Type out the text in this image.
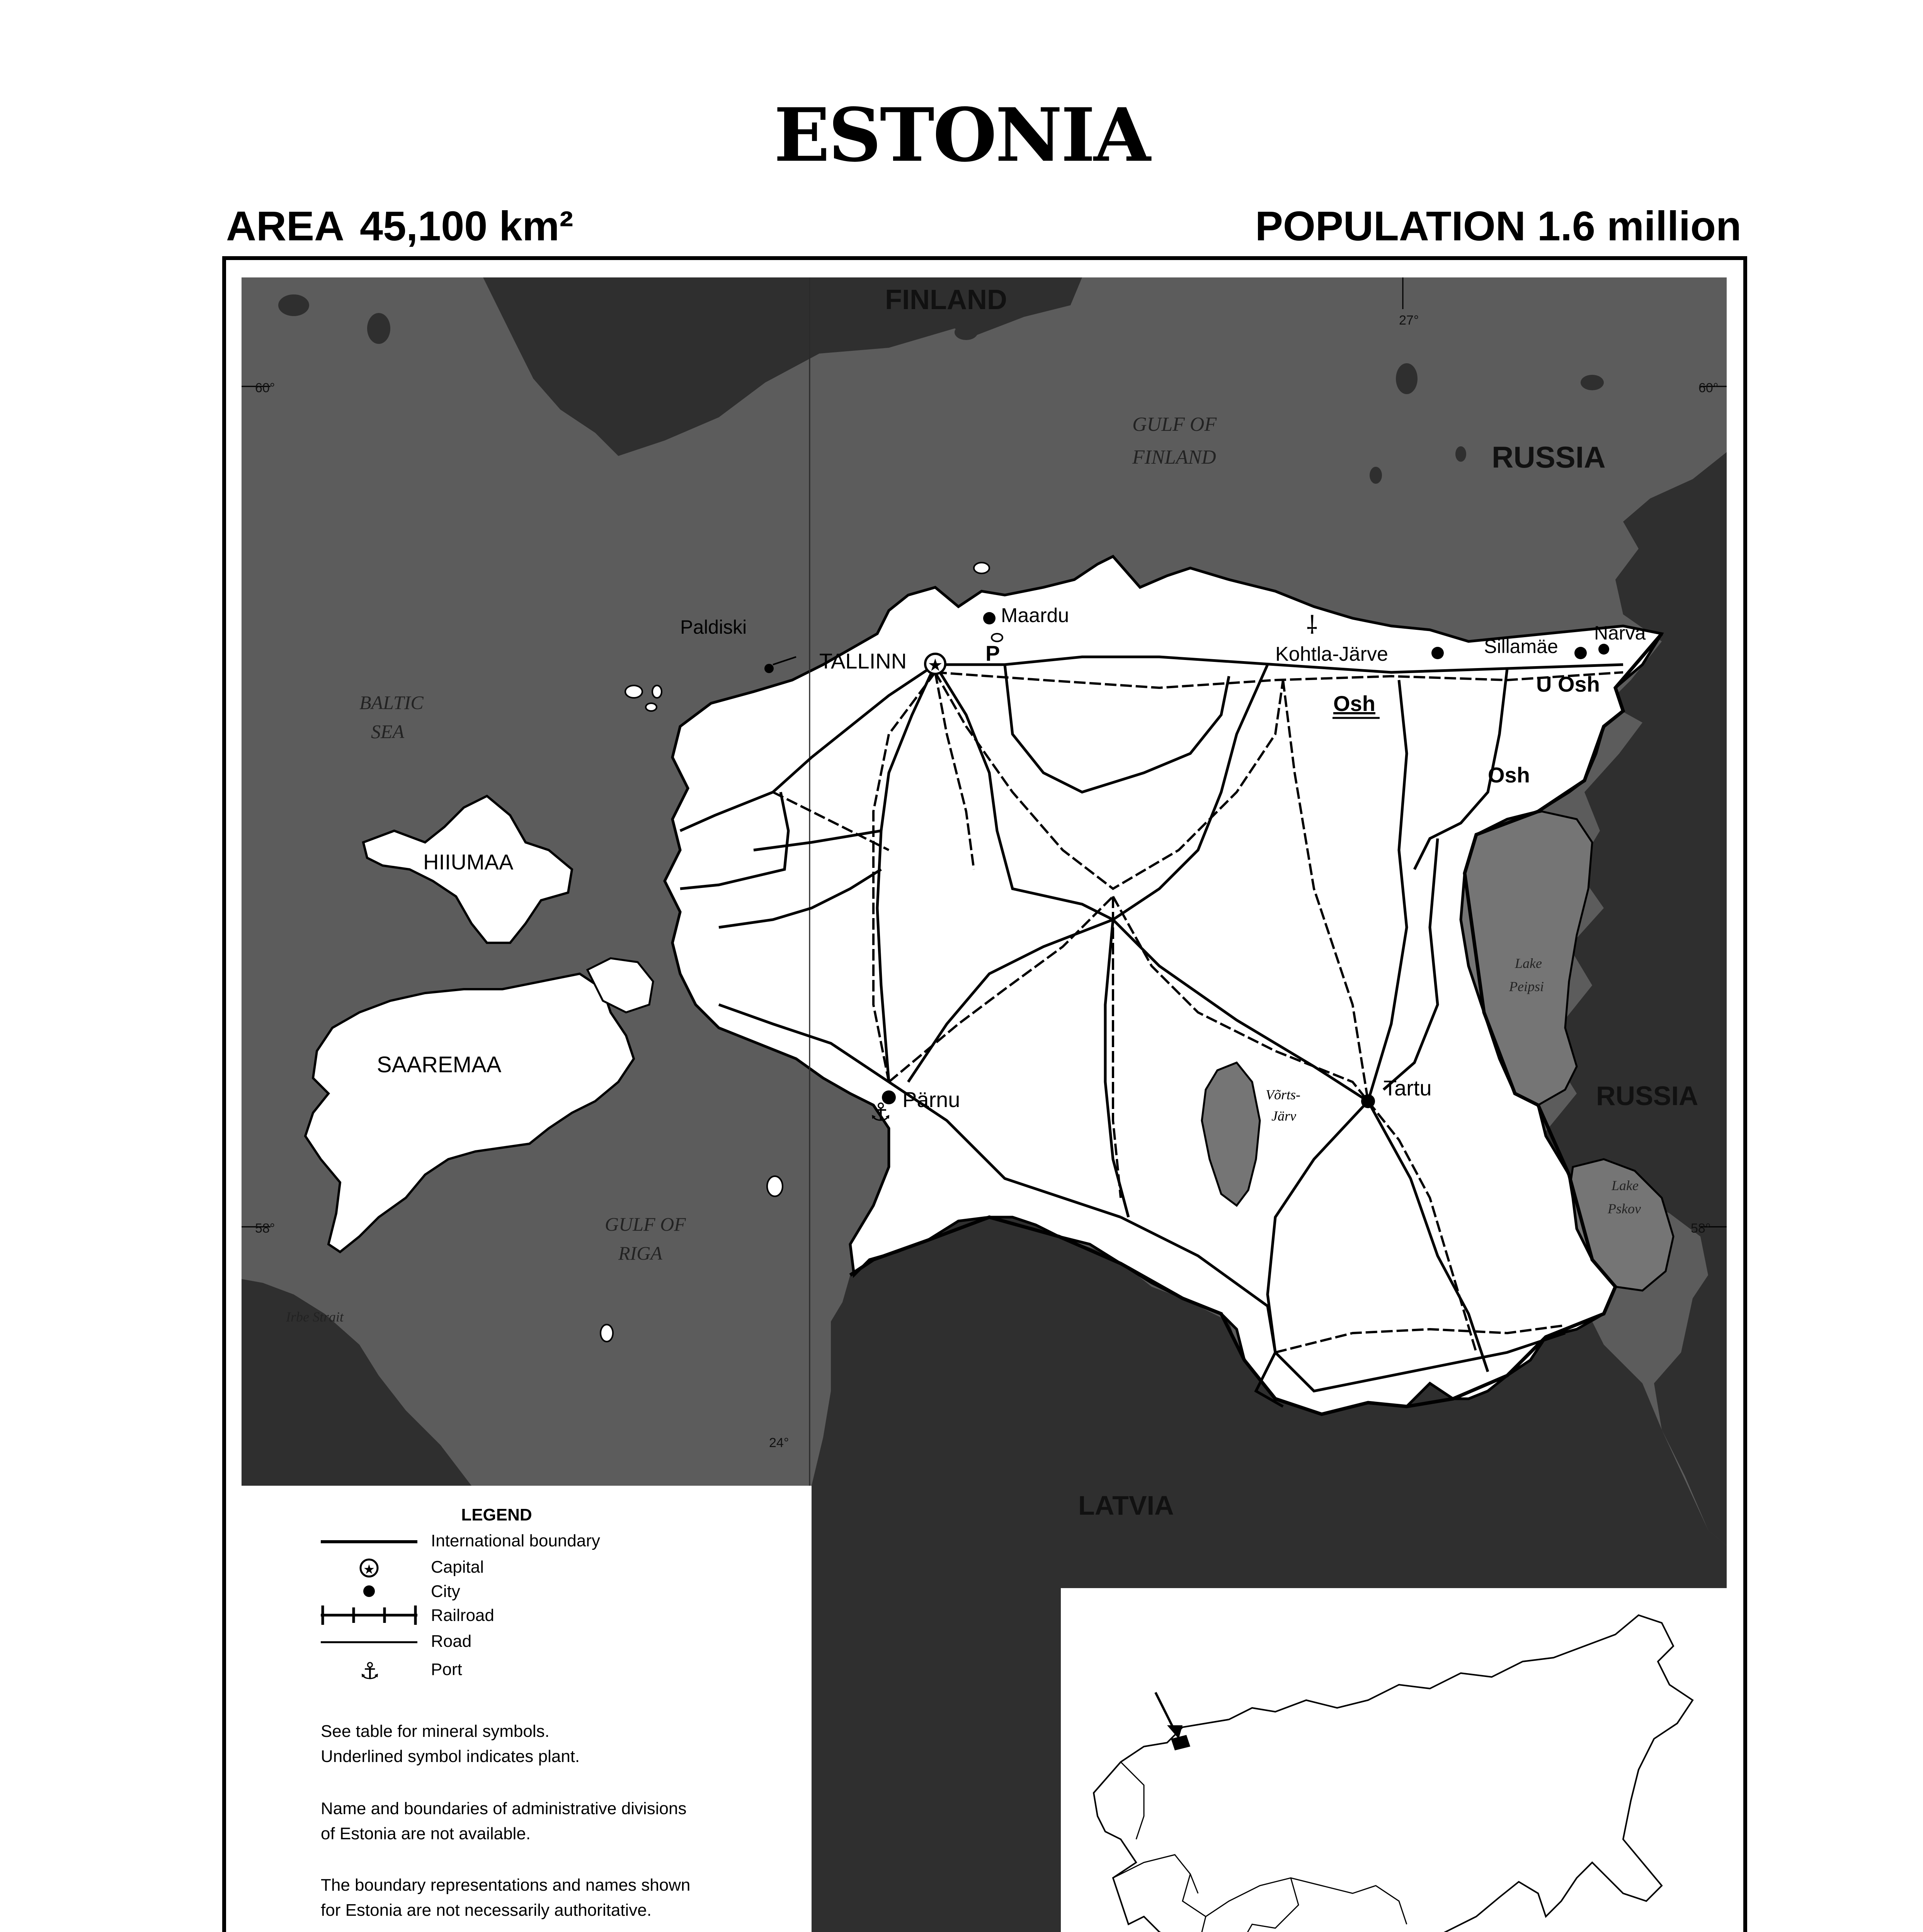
ESTONIA
AREA 45,100 km²	POPULATION 1.6 million
★
⚓
⸸
FINLAND
RUSSIA
RUSSIA
LATVIA
Paldiski
TALLINN
Maardu
P	Kohtla-Järve
Osh
Sillamäe
Narva
U Osh
Osh
Pärnu	Tartu
HIIUMAA
SAAREMAA
GULF OF
FINLAND
BALTIC
SEA
GULF OF
RIGA
Irbe Strait
Lake
Peipsi
Lake
Pskov
Võrts-
Järv
60°	60°
58°	58°
27°
24°
LEGEND
International boundary
★	Capital
City
Railroad
Road
⚓	Port
See table for mineral symbols.
Underlined symbol indicates plant.
Name and boundaries of administrative divisions
of Estonia are not available.
The boundary representations and names shown
for Estonia are not necessarily authoritative.
